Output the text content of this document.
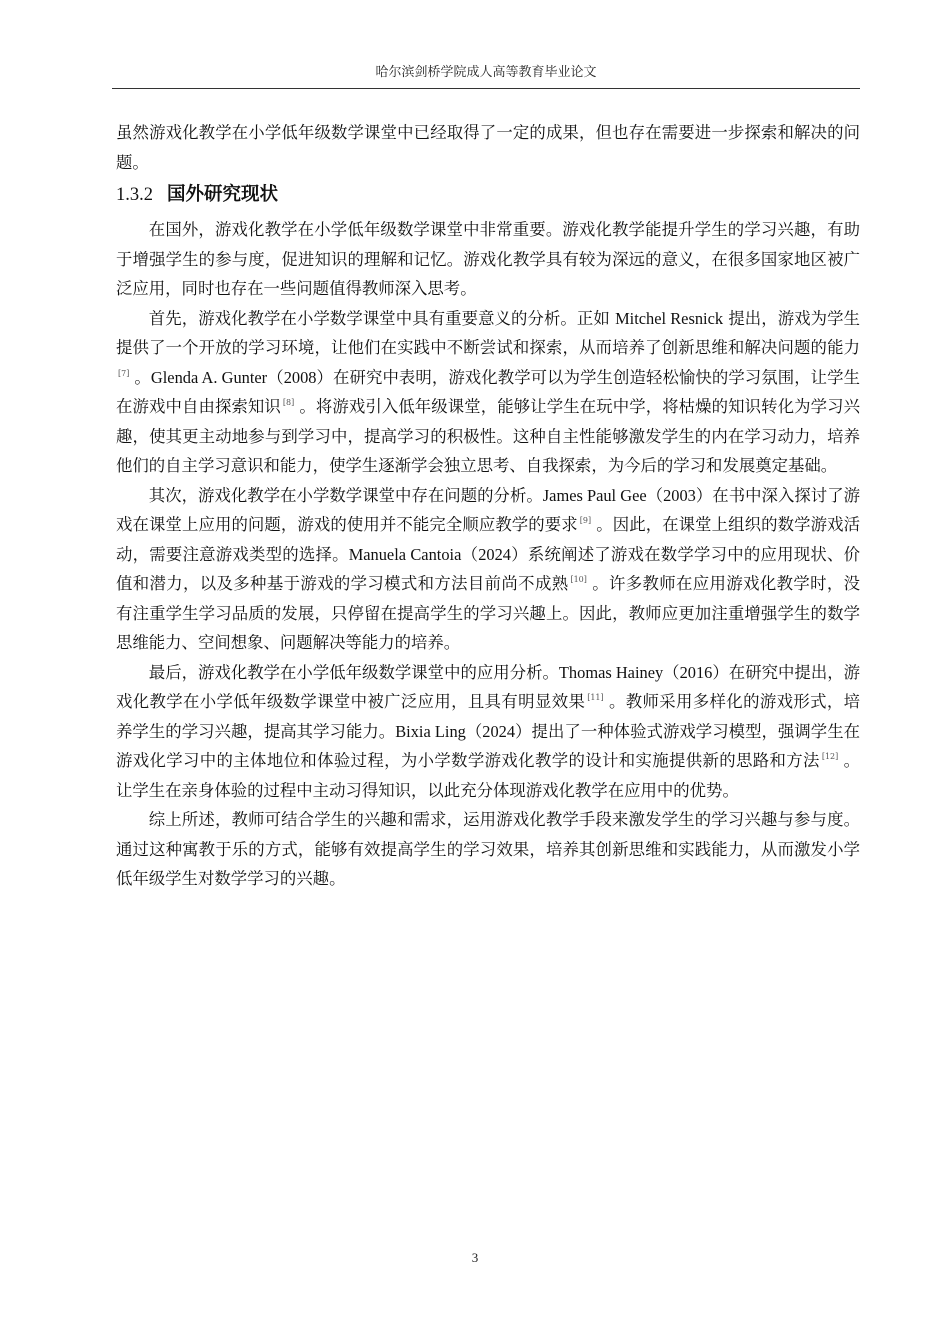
哈尔滨剑桥学院成人高等教育毕业论文

虽然游戏化教学在小学低年级数学课堂中已经取得了一定的成果，但也存在需要进一步探索和解决的问题。

1.3.2 国外研究现状

在国外，游戏化教学在小学低年级数学课堂中非常重要。游戏化教学能提升学生的学习兴趣，有助于增强学生的参与度，促进知识的理解和记忆。游戏化教学具有较为深远的意义，在很多国家地区被广泛应用，同时也存在一些问题值得教师深入思考。

首先，游戏化教学在小学数学课堂中具有重要意义的分析。正如 Mitchel Resnick 提出，游戏为学生提供了一个开放的学习环境，让他们在实践中不断尝试和探索，从而培养了创新思维和解决问题的能力[7] 。Glenda A. Gunter（2008）在研究中表明，游戏化教学可以为学生创造轻松愉快的学习氛围，让学生在游戏中自由探索知识 [8] 。将游戏引入低年级课堂，能够让学生在玩中学，将枯燥的知识转化为学习兴趣，使其更主动地参与到学习中，提高学习的积极性。这种自主性能够激发学生的内在学习动力，培养他们的自主学习意识和能力，使学生逐渐学会独立思考、自我探索，为今后的学习和发展奠定基础。

其次，游戏化教学在小学数学课堂中存在问题的分析。James Paul Gee（2003）在书中深入探讨了游戏在课堂上应用的问题，游戏的使用并不能完全顺应教学的要求 [9] 。因此，在课堂上组织的数学游戏活动，需要注意游戏类型的选择。Manuela Cantoia（2024）系统阐述了游戏在数学学习中的应用现状、价值和潜力，以及多种基于游戏的学习模式和方法目前尚不成熟 [10] 。许多教师在应用游戏化教学时，没有注重学生学习品质的发展，只停留在提高学生的学习兴趣上。因此，教师应更加注重增强学生的数学思维能力、空间想象、问题解决等能力的培养。

最后，游戏化教学在小学低年级数学课堂中的应用分析。Thomas Hainey（2016）在研究中提出，游戏化教学在小学低年级数学课堂中被广泛应用，且具有明显效果 [11] 。教师采用多样化的游戏形式，培养学生的学习兴趣，提高其学习能力。Bixia Ling（2024）提出了一种体验式游戏学习模型，强调学生在游戏化学习中的主体地位和体验过程，为小学数学游戏化教学的设计和实施提供新的思路和方法 [12] 。让学生在亲身体验的过程中主动习得知识，以此充分体现游戏化教学在应用中的优势。

综上所述，教师可结合学生的兴趣和需求，运用游戏化教学手段来激发学生的学习兴趣与参与度。通过这种寓教于乐的方式，能够有效提高学生的学习效果，培养其创新思维和实践能力，从而激发小学低年级学生对数学学习的兴趣。

3
